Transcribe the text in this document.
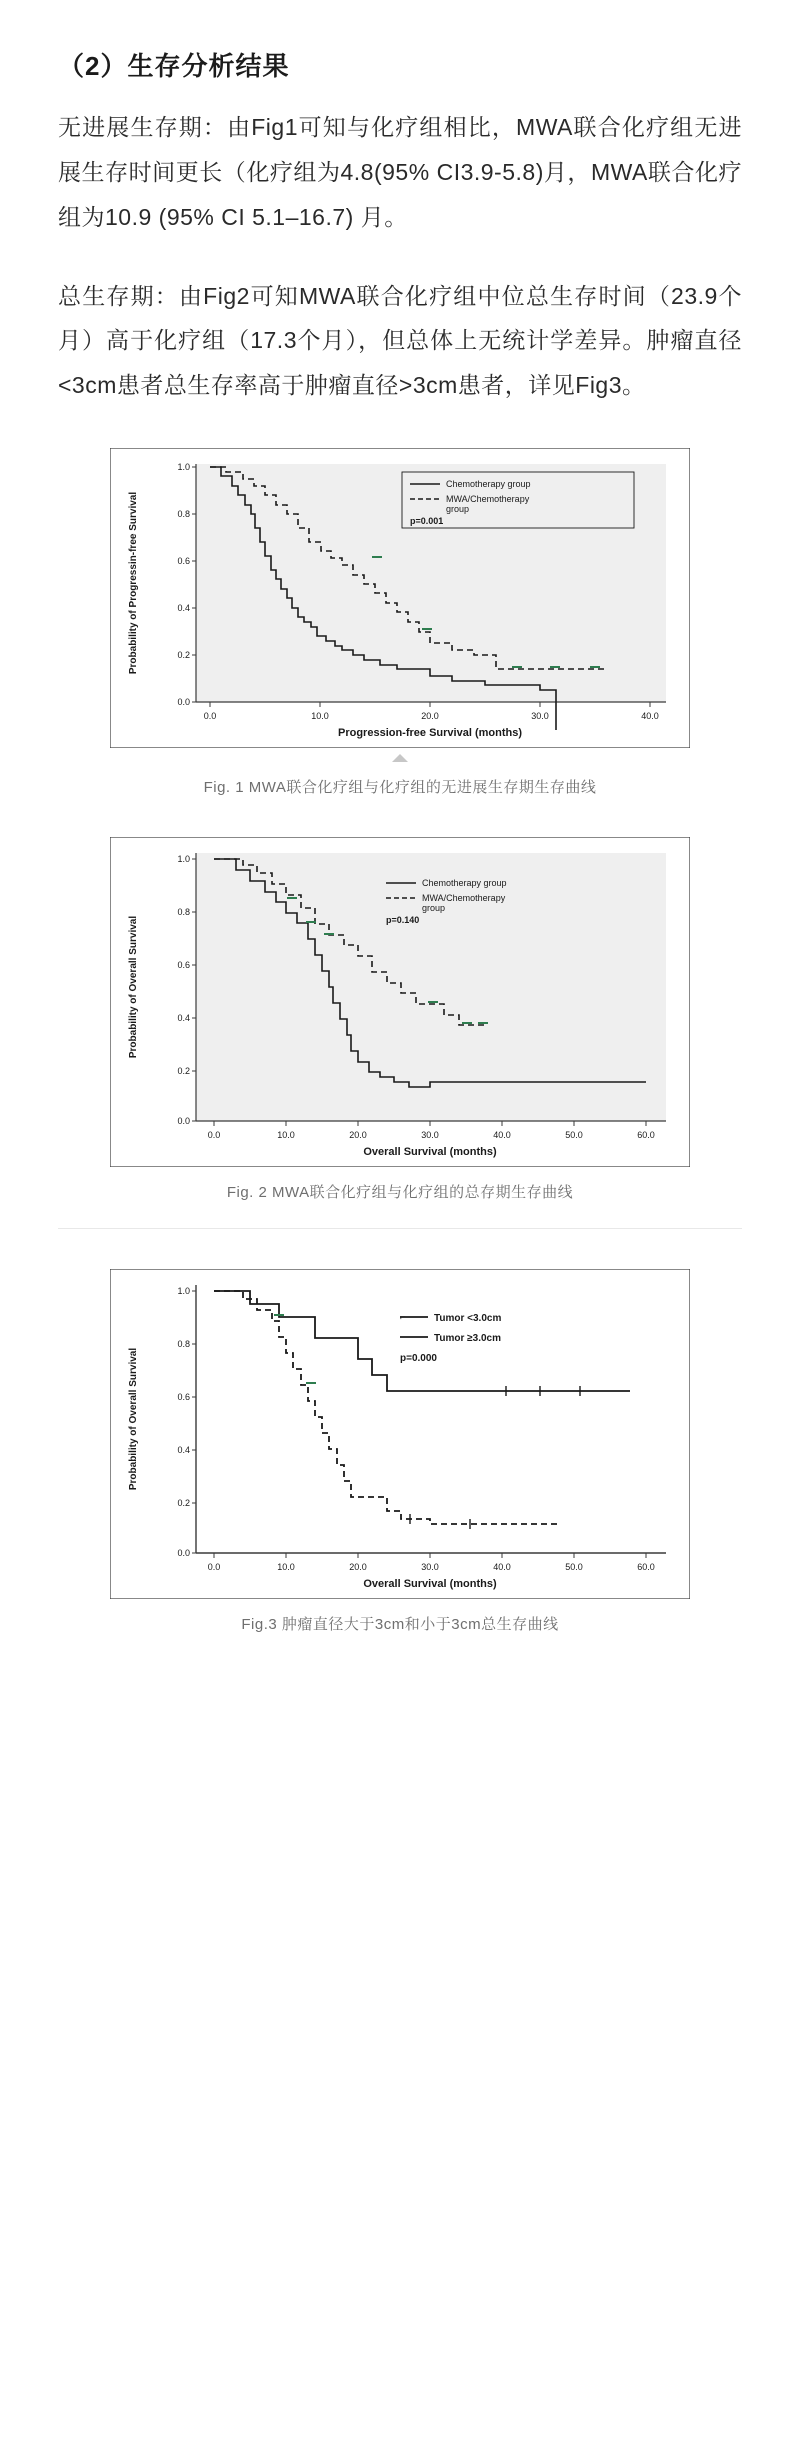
（2）生存分析结果

无进展生存期：由Fig1可知与化疗组相比，MWA联合化疗组无进展生存时间更长（化疗组为4.8(95% CI3.9-5.8)月，MWA联合化疗组为10.9 (95% CI 5.1–16.7) 月。

总生存期：由Fig2可知MWA联合化疗组中位总生存时间（23.9个月）高于化疗组（17.3个月），但总体上无统计学差异。肿瘤直径<3cm患者总生存率高于肿瘤直径>3cm患者，详见Fig3。

1.0
0.8
0.6
0.4
0.2
0.0
0.0	10.0	20.0	30.0	40.0
Progression-free Survival (months)
Probability of Progressin-free Survival
Chemotherapy group
MWA/Chemotherapy
group
p=0.001
Fig. 1 MWA联合化疗组与化疗组的无进展生存期生存曲线
1.0
0.8
0.6
0.4
0.2
0.0
0.0	10.0	20.0	30.0	40.0	50.0	60.0
Overall Survival (months)
Probability of Overall Survival
Chemotherapy group
MWA/Chemotherapy
group
p=0.140
Fig. 2 MWA联合化疗组与化疗组的总存期生存曲线
1.0
0.8
0.6
0.4
0.2
0.0
0.0	10.0	20.0	30.0	40.0	50.0	60.0
Overall Survival (months)
Probability of Overall Survival
⌐	Tumor <3.0cm
Tumor ≥3.0cm
p=0.000
Fig.3 肿瘤直径大于3cm和小于3cm总生存曲线
